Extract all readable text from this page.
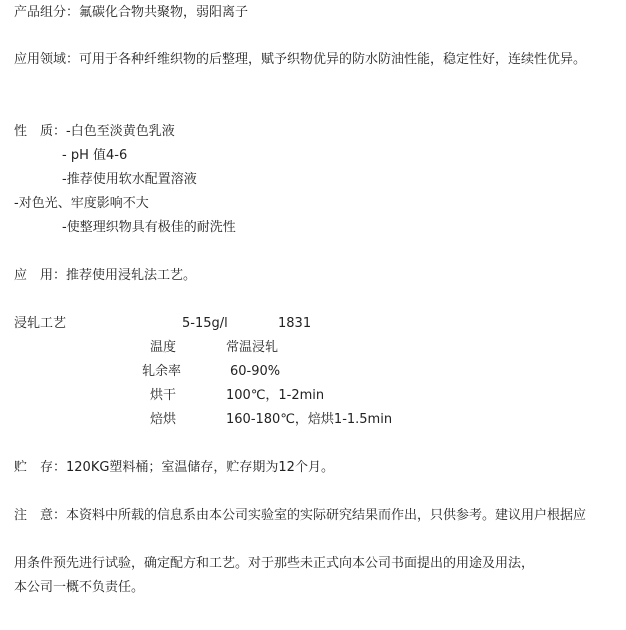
产品组分：氟碳化合物共聚物，弱阳离子
应用领域：可用于各种纤维织物的后整理，赋予织物优异的防水防油性能，稳定性好，连续性优异。
性　质：-白色至淡黄色乳液
- pH 值4-6
-推荐使用软水配置溶液
-对色光、牢度影响不大
-使整理织物具有极佳的耐洗性
应　用：推荐使用浸轧法工艺。
浸轧工艺	5-15g/l	1831
温度	常温浸轧
轧余率	60-90%
烘干	100℃，1-2min
焙烘	160-180℃，焙烘1-1.5min
贮　存：120KG塑料桶；室温储存，贮存期为12个月。
注　意：本资料中所载的信息系由本公司实验室的实际研究结果而作出，只供参考。建议用户根据应
用条件预先进行试验，确定配方和工艺。对于那些未正式向本公司书面提出的用途及用法，
本公司一概不负责任。
